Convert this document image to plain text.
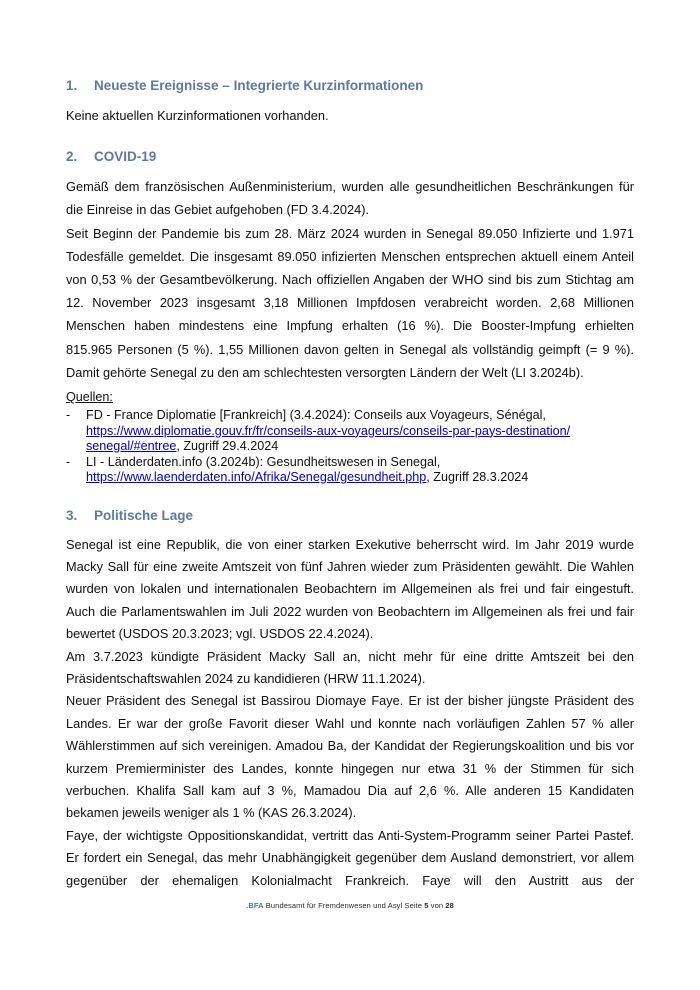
1.	Neueste Ereignisse – Integrierte Kurzinformationen
Keine aktuellen Kurzinformationen vorhanden.
2.	COVID-19
Gemäß dem französischen Außenministerium, wurden alle gesundheitlichen Beschränkungen für
die Einreise in das Gebiet aufgehoben (FD 3.4.2024).
Seit Beginn der Pandemie bis zum 28. März 2024 wurden in Senegal 89.050 Infizierte und 1.971
Todesfälle gemeldet. Die insgesamt 89.050 infizierten Menschen entsprechen aktuell einem Anteil
von 0,53 % der Gesamtbevölkerung. Nach offiziellen Angaben der WHO sind bis zum Stichtag am
12. November 2023 insgesamt 3,18 Millionen Impfdosen verabreicht worden. 2,68 Millionen
Menschen haben mindestens eine Impfung erhalten (16 %). Die Booster-Impfung erhielten
815.965 Personen (5 %). 1,55 Millionen davon gelten in Senegal als vollständig geimpft (= 9 %).
Damit gehörte Senegal zu den am schlechtesten versorgten Ländern der Welt (LI 3.2024b).
Quellen:
-	FD - France Diplomatie [Frankreich] (3.4.2024): Conseils aux Voyageurs, Sénégal,
https://www.diplomatie.gouv.fr/fr/conseils-aux-voyageurs/conseils-par-pays-destination/
senegal/#entree, Zugriff 29.4.2024
-	LI - Länderdaten.info (3.2024b): Gesundheitswesen in Senegal,
https://www.laenderdaten.info/Afrika/Senegal/gesundheit.php, Zugriff 28.3.2024
3.	Politische Lage
Senegal ist eine Republik, die von einer starken Exekutive beherrscht wird. Im Jahr 2019 wurde
Macky Sall für eine zweite Amtszeit von fünf Jahren wieder zum Präsidenten gewählt. Die Wahlen
wurden von lokalen und internationalen Beobachtern im Allgemeinen als frei und fair eingestuft.
Auch die Parlamentswahlen im Juli 2022 wurden von Beobachtern im Allgemeinen als frei und fair
bewertet (USDOS 20.3.2023; vgl. USDOS 22.4.2024).
Am 3.7.2023 kündigte Präsident Macky Sall an, nicht mehr für eine dritte Amtszeit bei den
Präsidentschaftswahlen 2024 zu kandidieren (HRW 11.1.2024).
Neuer Präsident des Senegal ist Bassirou Diomaye Faye. Er ist der bisher jüngste Präsident des
Landes. Er war der große Favorit dieser Wahl und konnte nach vorläufigen Zahlen 57 % aller
Wählerstimmen auf sich vereinigen. Amadou Ba, der Kandidat der Regierungskoalition und bis vor
kurzem Premierminister des Landes, konnte hingegen nur etwa 31 % der Stimmen für sich
verbuchen. Khalifa Sall kam auf 3 %, Mamadou Dia auf 2,6 %. Alle anderen 15 Kandidaten
bekamen jeweils weniger als 1 % (KAS 26.3.2024).
Faye, der wichtigste Oppositionskandidat, vertritt das Anti-System-Programm seiner Partei Pastef.
Er fordert ein Senegal, das mehr Unabhängigkeit gegenüber dem Ausland demonstriert, vor allem
gegenüber der ehemaligen Kolonialmacht Frankreich. Faye will den Austritt aus der
.BFA Bundesamt für Fremdenwesen und Asyl Seite 5 von 28
